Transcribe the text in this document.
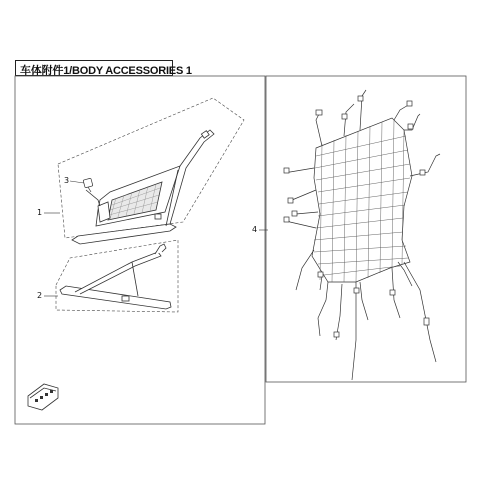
车体附件1/BODY ACCESSORIES 1
1
2
3
4
